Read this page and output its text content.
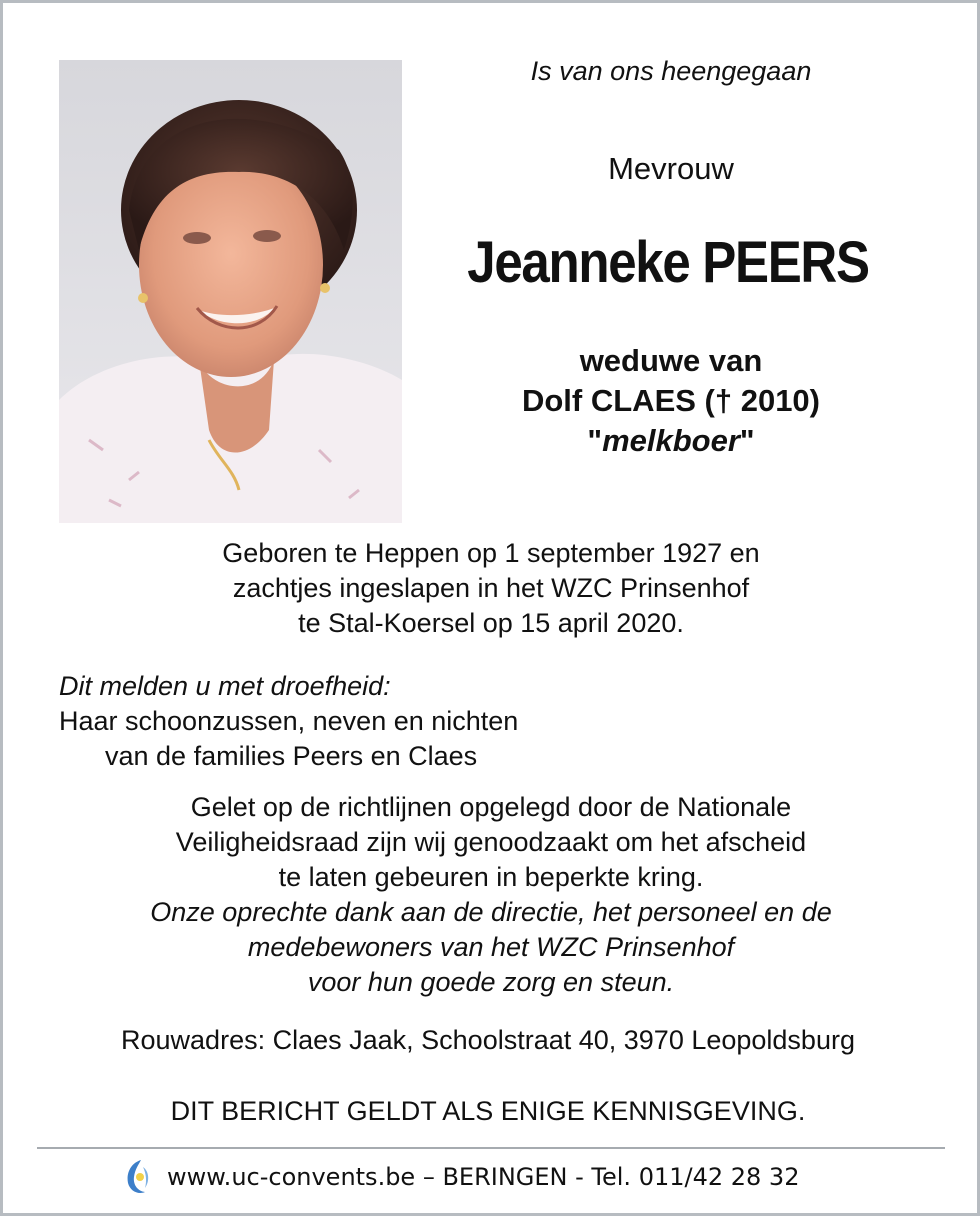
Is van ons heengegaan
Mevrouw
Jeanneke PEERS
weduwe van
Dolf CLAES († 2010)
"melkboer"
Geboren te Heppen op 1 september 1927 en
zachtjes ingeslapen in het WZC Prinsenhof
te Stal-Koersel op 15 april 2020.
Dit melden u met droefheid:
Haar schoonzussen, neven en nichten
van de families Peers en Claes
Gelet op de richtlijnen opgelegd door de Nationale
Veiligheidsraad zijn wij genoodzaakt om het afscheid
te laten gebeuren in beperkte kring.
Onze oprechte dank aan de directie, het personeel en de
medebewoners van het WZC Prinsenhof
voor hun goede zorg en steun.
Rouwadres: Claes Jaak, Schoolstraat 40, 3970 Leopoldsburg
DIT BERICHT GELDT ALS ENIGE KENNISGEVING.
www.uc-convents.be – BERINGEN - Tel. 011/42 28 32
